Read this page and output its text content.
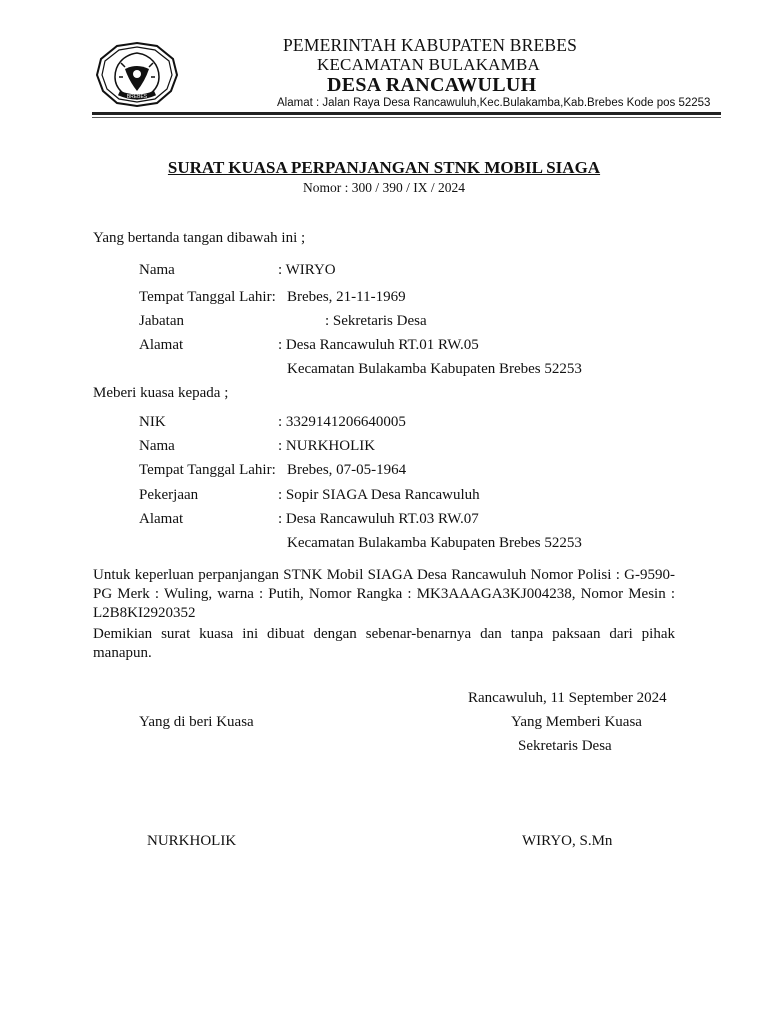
BREBES
PEMERINTAH KABUPATEN BREBES
KECAMATAN BULAKAMBA
DESA RANCAWULUH
Alamat : Jalan Raya Desa Rancawuluh,Kec.Bulakamba,Kab.Brebes Kode pos 52253
SURAT KUASA PERPANJANGAN STNK MOBIL SIAGA
Nomor : 300 / 390 / IX / 2024
Yang bertanda tangan dibawah ini ;
Nama	: WIRYO
Tempat Tanggal Lahir: Brebes, 21-11-1969
Jabatan	: Sekretaris Desa
Alamat	: Desa Rancawuluh RT.01 RW.05
Kecamatan Bulakamba Kabupaten Brebes 52253
Meberi kuasa kepada ;
NIK	: 3329141206640005
Nama	: NURKHOLIK
Tempat Tanggal Lahir: Brebes, 07-05-1964
Pekerjaan	: Sopir SIAGA Desa Rancawuluh
Alamat	: Desa Rancawuluh RT.03 RW.07
Kecamatan Bulakamba Kabupaten Brebes 52253
Untuk keperluan perpanjangan STNK Mobil SIAGA Desa Rancawuluh Nomor Polisi : G-9590-PG Merk : Wuling, warna : Putih, Nomor Rangka : MK3AAAGA3KJ004238, Nomor Mesin : L2B8KI2920352
Demikian surat kuasa ini dibuat dengan sebenar-benarnya dan tanpa paksaan dari pihak manapun.
Rancawuluh, 11 September 2024
Yang di beri Kuasa	Yang Memberi Kuasa
Sekretaris Desa
NURKHOLIK	WIRYO, S.Mn
